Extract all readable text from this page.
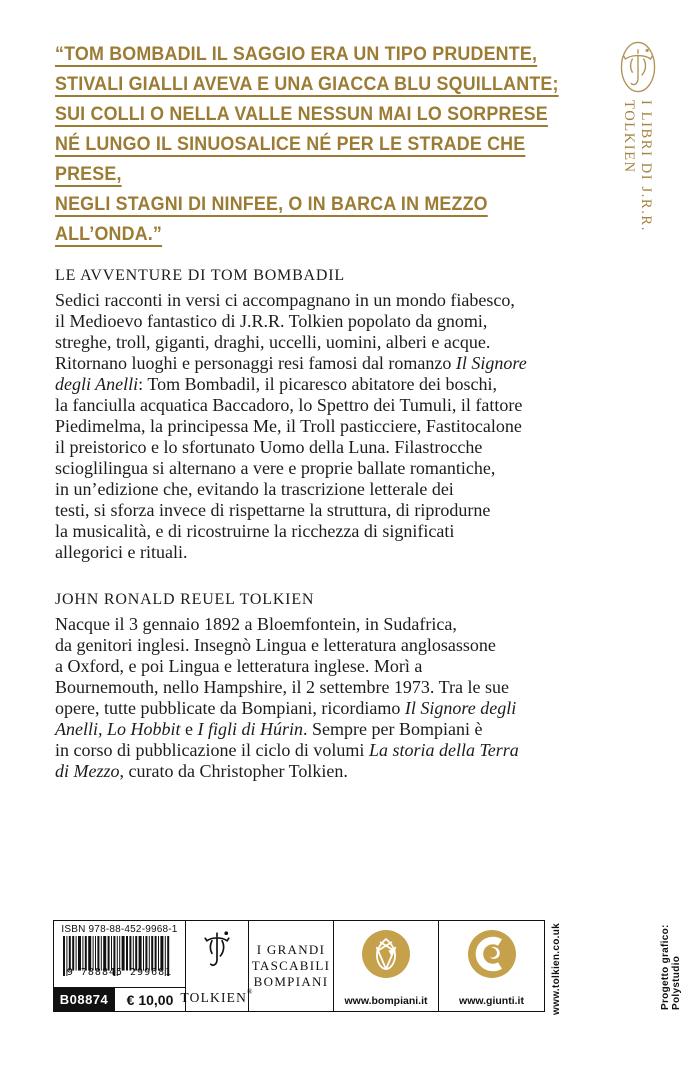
“TOM BOMBADIL IL SAGGIO ERA UN TIPO PRUDENTE,
STIVALI GIALLI AVEVA E UNA GIACCA BLU SQUILLANTE;
SUI COLLI O NELLA VALLE NESSUN MAI LO SORPRESE
NÉ LUNGO IL SINUOSALICE NÉ PER LE STRADE CHE PRESE,
NEGLI STAGNI DI NINFEE, O IN BARCA IN MEZZO ALL’ONDA.”
I LIBRI DI J.R.R. TOLKIEN
LE AVVENTURE DI TOM BOMBADIL
Sedici racconti in versi ci accompagnano in un mondo fiabesco,
il Medioevo fantastico di J.R.R. Tolkien popolato da gnomi,
streghe, troll, giganti, draghi, uccelli, uomini, alberi e acque.
Ritornano luoghi e personaggi resi famosi dal romanzo Il Signore
degli Anelli: Tom Bombadil, il picaresco abitatore dei boschi,
la fanciulla acquatica Baccadoro, lo Spettro dei Tumuli, il fattore
Piedimelma, la principessa Me, il Troll pasticciere, Fastitocalone
il preistorico e lo sfortunato Uomo della Luna. Filastrocche
scioglilingua si alternano a vere e proprie ballate romantiche,
in un’edizione che, evitando la trascrizione letterale dei
testi, si sforza invece di rispettarne la struttura, di riprodurne
la musicalità, e di ricostruirne la ricchezza di significati
allegorici e rituali.
JOHN RONALD REUEL TOLKIEN
Nacque il 3 gennaio 1892 a Bloemfontein, in Sudafrica,
da genitori inglesi. Insegnò Lingua e letteratura anglosassone
a Oxford, e poi Lingua e letteratura inglese. Morì a
Bournemouth, nello Hampshire, il 2 settembre 1973. Tra le sue
opere, tutte pubblicate da Bompiani, ricordiamo Il Signore degli
Anelli, Lo Hobbit e I figli di Húrin. Sempre per Bompiani è
in corso di pubblicazione il ciclo di volumi La storia della Terra
di Mezzo, curato da Christopher Tolkien.
ISBN 978-88-452-9968-1
9 788845 299681
B08874	€ 10,00 TOLKIEN®
I GRANDI
TASCABILI
BOMPIANI
www.bompiani.it	www.giunti.it	www.tolkien.co.uk	Progetto grafico: Polystudio
